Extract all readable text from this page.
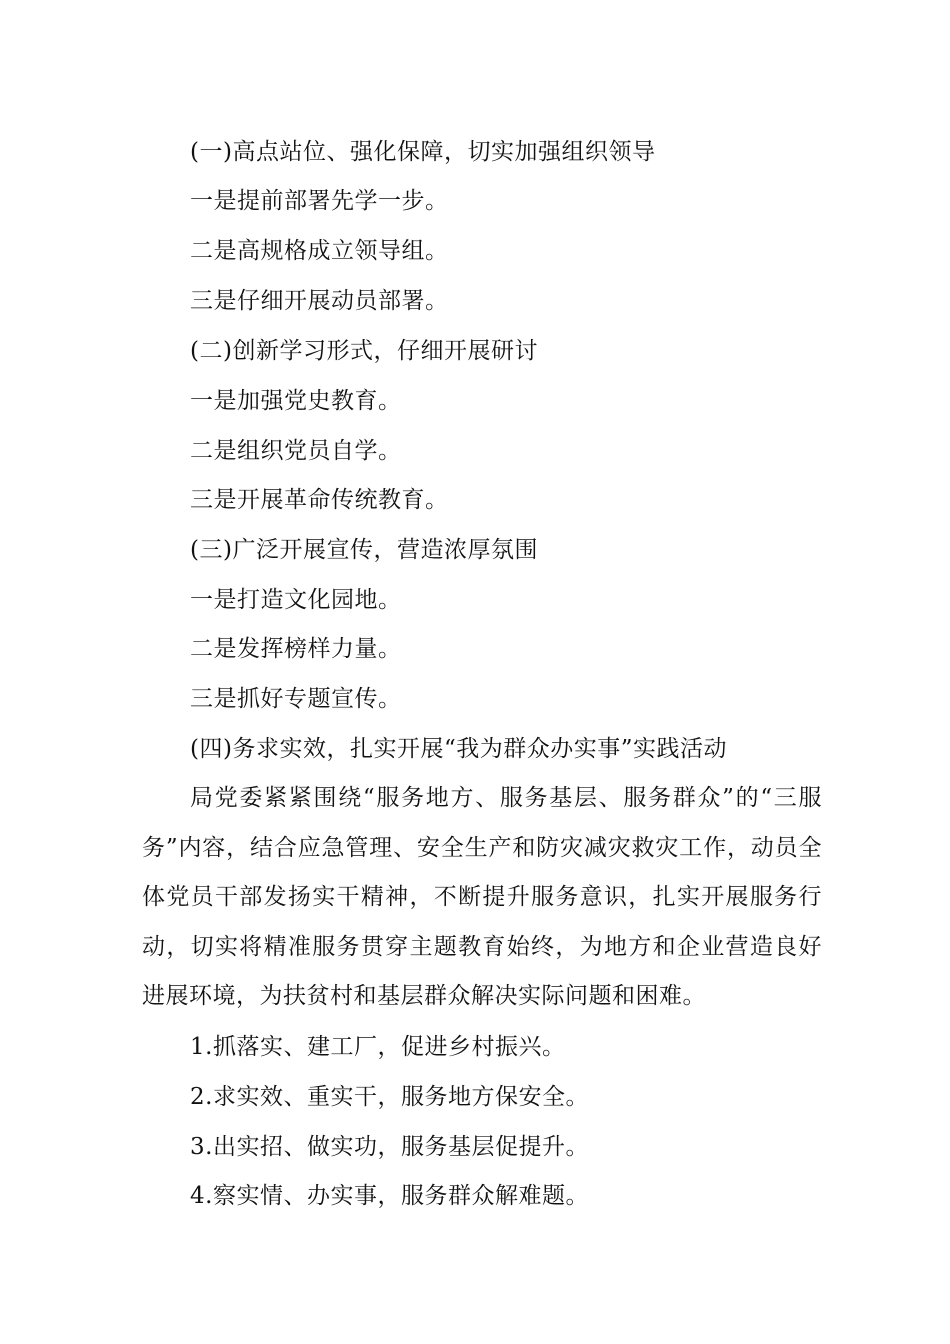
(一)高点站位、强化保障，切实加强组织领导
一是提前部署先学一步。
二是高规格成立领导组。
三是仔细开展动员部署。
(二)创新学习形式，仔细开展研讨
一是加强党史教育。
二是组织党员自学。
三是开展革命传统教育。
(三)广泛开展宣传，营造浓厚氛围
一是打造文化园地。
二是发挥榜样力量。
三是抓好专题宣传。
(四)务求实效，扎实开展“我为群众办实事”实践活动
局党委紧紧围绕“服务地方、服务基层、服务群众”的“三服务”内容，结合应急管理、安全生产和防灾减灾救灾工作，动员全体党员干部发扬实干精神，不断提升服务意识，扎实开展服务行动，切实将精准服务贯穿主题教育始终，为地方和企业营造良好进展环境，为扶贫村和基层群众解决实际问题和困难。
1.抓落实、建工厂，促进乡村振兴。
2.求实效、重实干，服务地方保安全。
3.出实招、做实功，服务基层促提升。
4.察实情、办实事，服务群众解难题。
